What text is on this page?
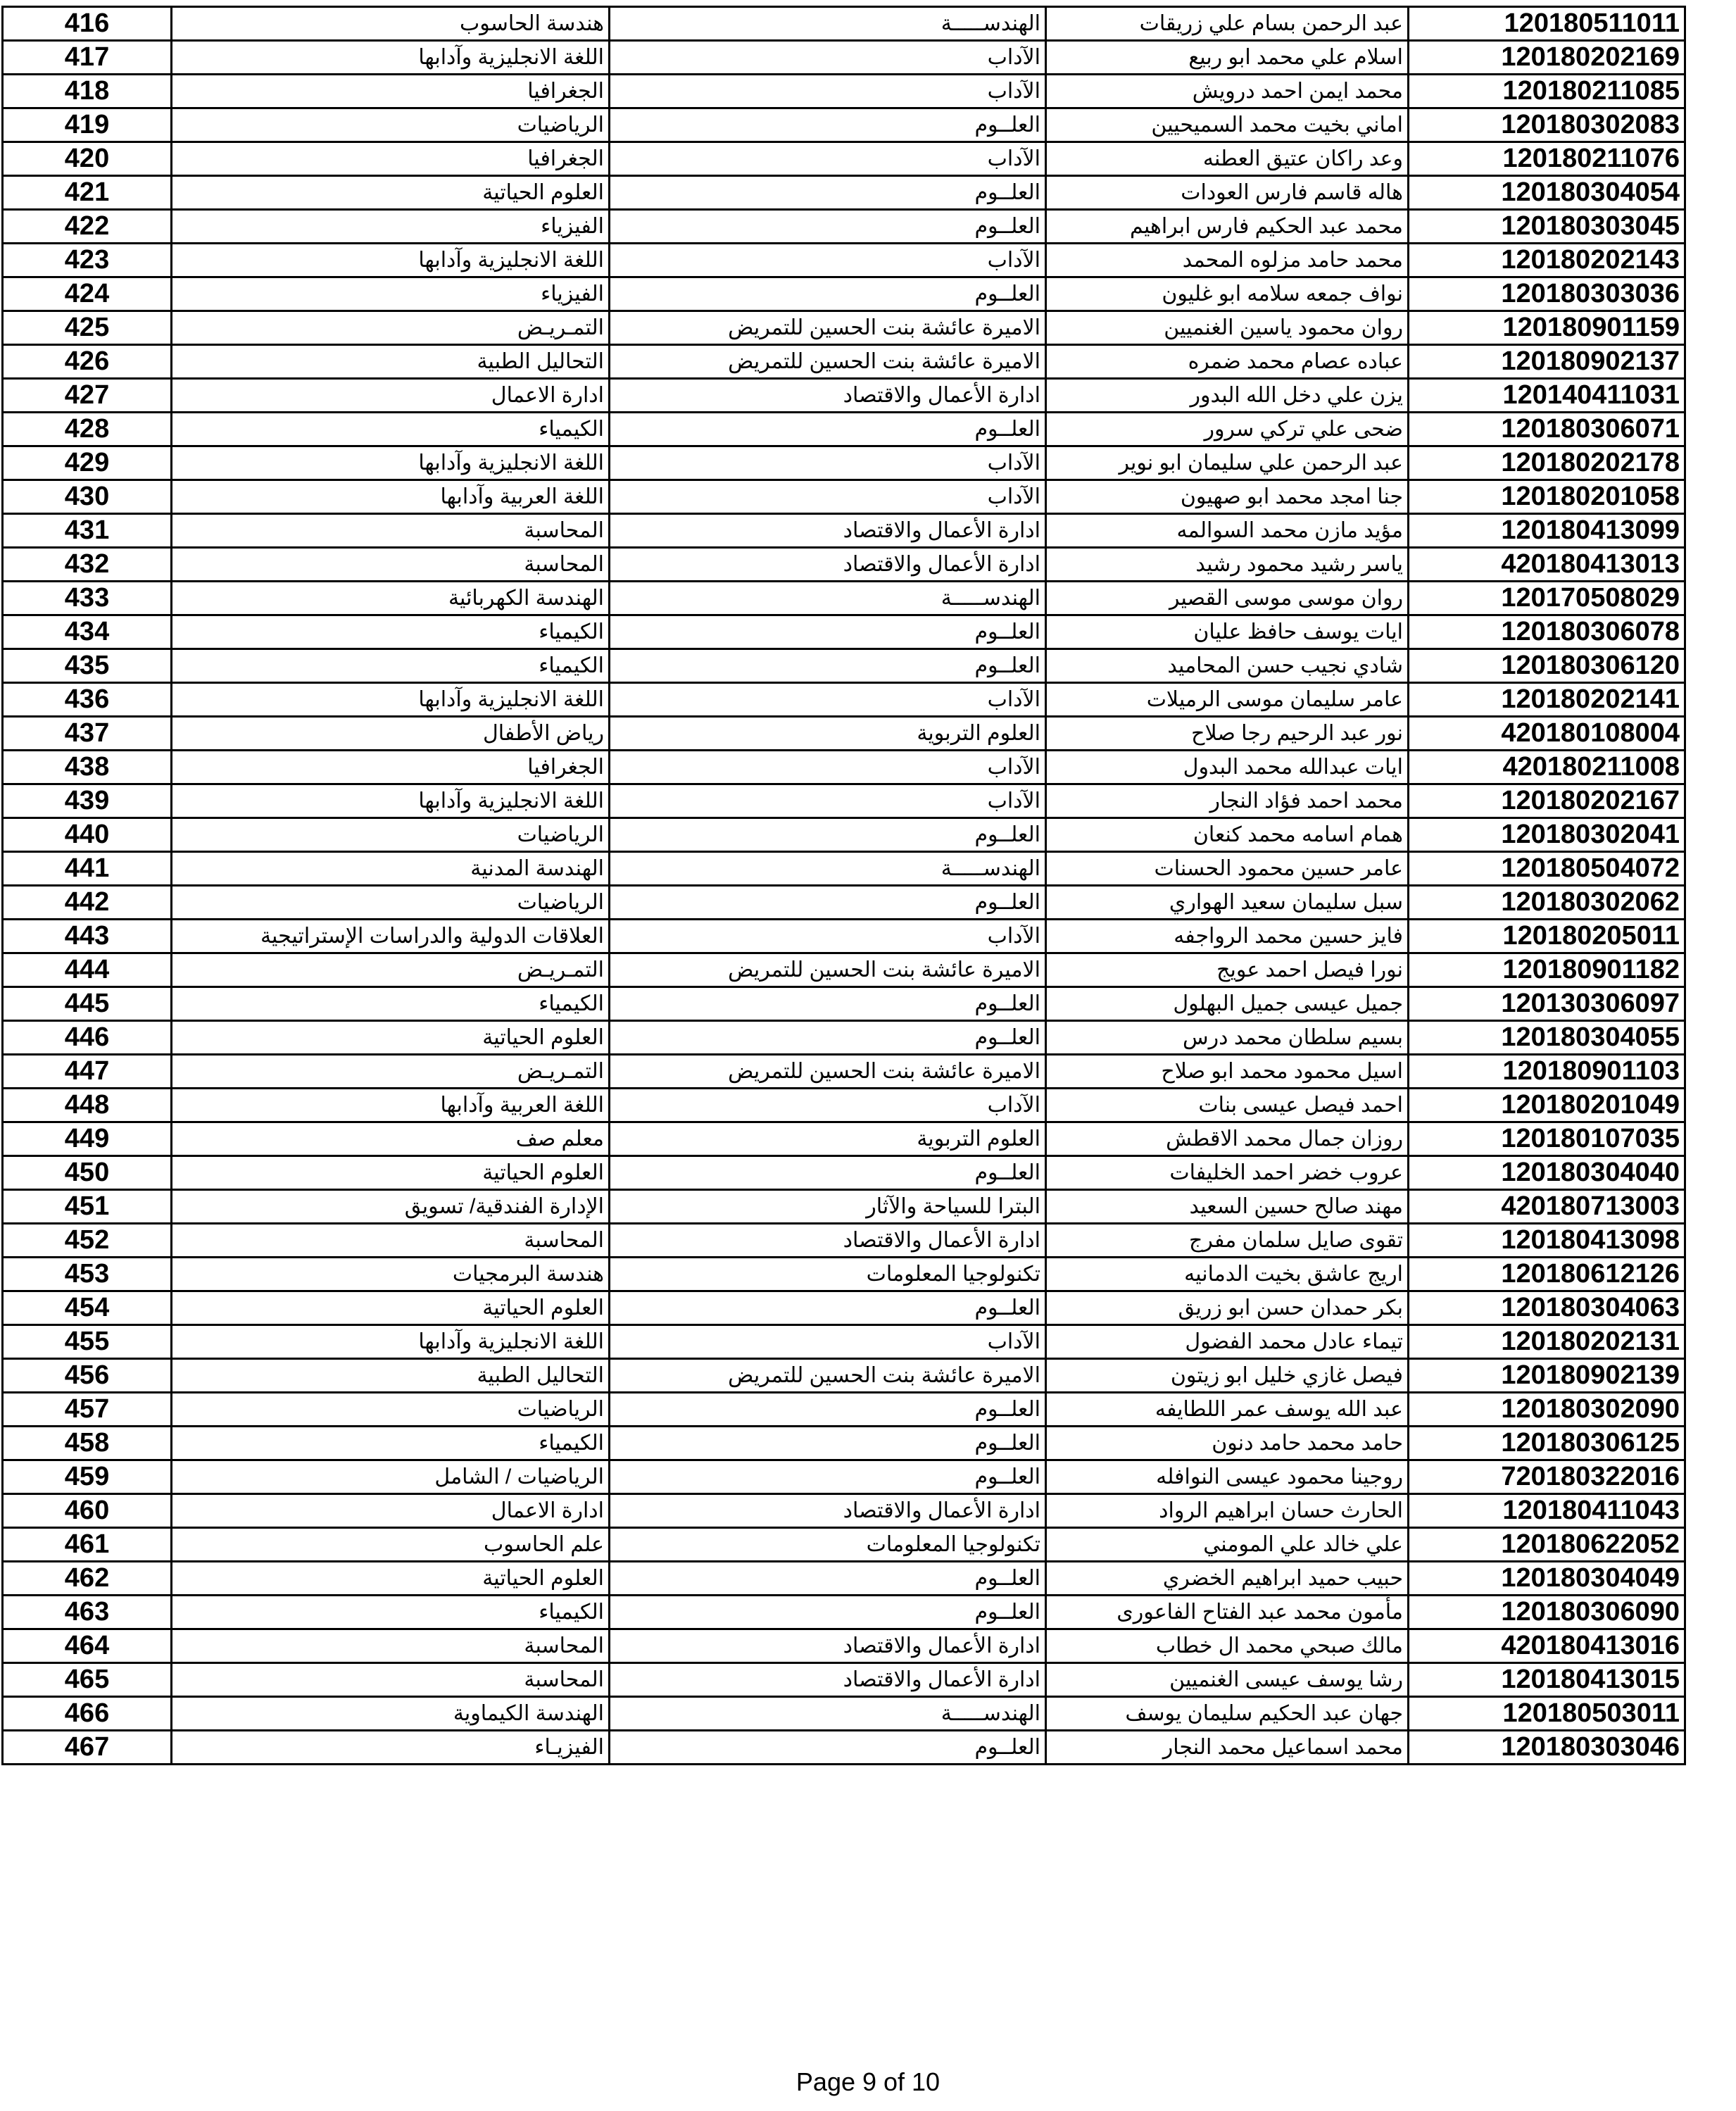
416	هندسة الحاسوب	الهندســـــة	عبد الرحمن بسام علي زريقات	120180511011
417	اللغة الانجليزية وآدابها	الآداب	اسلام علي محمد ابو ربيع	120180202169
418	الجغرافيا	الآداب	محمد ايمن احمد درويش	120180211085
419	الرياضيات	العلــوم	اماني بخيت محمد السميحيين	120180302083
420	الجغرافيا	الآداب	وعد راكان عتيق العطنه	120180211076
421	العلوم الحياتية	العلــوم	هاله قاسم فارس العودات	120180304054
422	الفيزياء	العلــوم	محمد عبد الحكيم فارس ابراهيم	120180303045
423	اللغة الانجليزية وآدابها	الآداب	محمد حامد مزلوه المحمد	120180202143
424	الفيزياء	العلــوم	نواف جمعه سلامه ابو غليون	120180303036
425	التمـريـض	الاميرة عائشة بنت الحسين للتمريض	روان محمود ياسين الغنميين	120180901159
426	التحاليل الطبية	الاميرة عائشة بنت الحسين للتمريض	عباده عصام محمد ضمره	120180902137
427	ادارة الاعمال	ادارة الأعمال والاقتصاد	يزن علي دخل الله البدور	120140411031
428	الكيمياء	العلــوم	ضحى علي تركي سرور	120180306071
429	اللغة الانجليزية وآدابها	الآداب	عبد الرحمن علي سليمان ابو نوير	120180202178
430	اللغة العربية وآدابها	الآداب	جنا امجد محمد ابو صهيون	120180201058
431	المحاسبة	ادارة الأعمال والاقتصاد	مؤيد مازن محمد السوالمه	120180413099
432	المحاسبة	ادارة الأعمال والاقتصاد	ياسر رشيد محمود رشيد	420180413013
433	الهندسة الكهربائية	الهندســـــة	روان موسى موسى القصير	120170508029
434	الكيمياء	العلــوم	ايات يوسف حافظ عليان	120180306078
435	الكيمياء	العلــوم	شادي نجيب حسن المحاميد	120180306120
436	اللغة الانجليزية وآدابها	الآداب	عامر سليمان موسى الرميلات	120180202141
437	رياض الأطفال	العلوم التربوية	نور عبد الرحيم رجا صلاح	420180108004
438	الجغرافيا	الآداب	ايات عبدالله محمد البدول	420180211008
439	اللغة الانجليزية وآدابها	الآداب	محمد احمد فؤاد النجار	120180202167
440	الرياضيات	العلــوم	همام اسامه محمد كنعان	120180302041
441	الهندسة المدنية	الهندســـــة	عامر حسين محمود الحسنات	120180504072
442	الرياضيات	العلــوم	سبل سليمان سعيد الهواري	120180302062
443	العلاقات الدولية والدراسات الإستراتيجية	الآداب	فايز حسين محمد الرواجفه	120180205011
444	التمـريـض	الاميرة عائشة بنت الحسين للتمريض	نورا فيصل احمد عويج	120180901182
445	الكيمياء	العلــوم	جميل عيسى جميل البهلول	120130306097
446	العلوم الحياتية	العلــوم	بسيم سلطان محمد درس	120180304055
447	التمـريـض	الاميرة عائشة بنت الحسين للتمريض	اسيل محمود محمد ابو صلاح	120180901103
448	اللغة العربية وآدابها	الآداب	احمد فيصل عيسى بنات	120180201049
449	معلم صف	العلوم التربوية	روزان جمال محمد الاقطش	120180107035
450	العلوم الحياتية	العلــوم	عروب خضر احمد الخليفات	120180304040
451	الإدارة الفندقية/ تسويق	البترا للسياحة والآثار	مهند صالح حسين السعيد	420180713003
452	المحاسبة	ادارة الأعمال والاقتصاد	تقوى صايل سلمان مفرج	120180413098
453	هندسة البرمجيات	تكنولوجيا المعلومات	اريج عاشق بخيت الدمانيه	120180612126
454	العلوم الحياتية	العلــوم	بكر حمدان حسن ابو زريق	120180304063
455	اللغة الانجليزية وآدابها	الآداب	تيماء عادل محمد الفضول	120180202131
456	التحاليل الطبية	الاميرة عائشة بنت الحسين للتمريض	فيصل غازي خليل ابو زيتون	120180902139
457	الرياضيات	العلــوم	عبد الله يوسف عمر اللطايفه	120180302090
458	الكيمياء	العلــوم	حامد محمد حامد دنون	120180306125
459	الرياضيات / الشامل	العلــوم	روجينا محمود عيسى النوافله	720180322016
460	ادارة الاعمال	ادارة الأعمال والاقتصاد	الحارث حسان ابراهيم الرواد	120180411043
461	علم الحاسوب	تكنولوجيا المعلومات	علي خالد علي المومني	120180622052
462	العلوم الحياتية	العلــوم	حبيب حميد ابراهيم الخضري	120180304049
463	الكيمياء	العلــوم	مأمون محمد عبد الفتاح الفاعورى	120180306090
464	المحاسبة	ادارة الأعمال والاقتصاد	مالك صبحي محمد ال خطاب	420180413016
465	المحاسبة	ادارة الأعمال والاقتصاد	رشا يوسف عيسى الغنميين	120180413015
466	الهندسة الكيماوية	الهندســـــة	جهان عبد الحكيم سليمان يوسف	120180503011
467	الفيزيـاء	العلــوم	محمد اسماعيل محمد النجار	120180303046
Page 9 of 10
